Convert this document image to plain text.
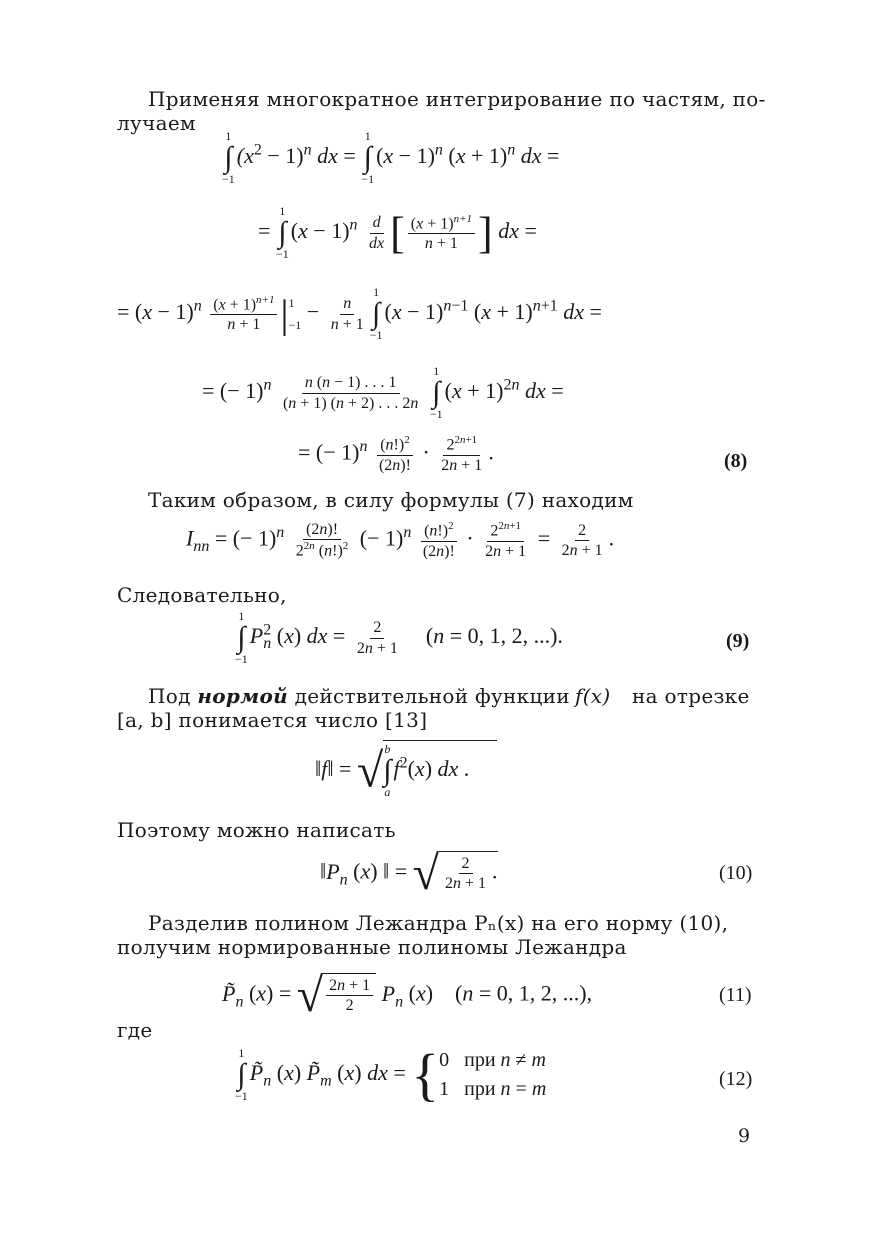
Применяя многократное интегрирование по частям, по-
лучаем
1
∫
−1
$(x^2 - 1)^n$ dx =
1
∫
−1
$(x - 1)^n$ $(x + 1)^n$ dx =
=
1
∫
−1
$(x - 1)^n \frac{d}{dx}$ [ $\frac{(x + 1)^{n+1}}{n + 1}$ ] dx =
= $(x - 1)^n \frac{(x + 1)^{n+1}}{n + 1}$ | 1
−1
− $\frac{n}{n + 1}$
1
∫
−1
$(x - 1)^{n-1}$ $(x + 1)^{n+1}$ dx =
= (− $1)^n \frac{n (n - 1) . . . 1}{(n + 1) (n + 2) . . . 2n}$

1
∫
−1
$(x + 1)^{2n}$ dx =
= (− $1)^n \frac{(n!)^2}{(2n)!} \cdot \frac{2^{2n+1}}{2n + 1}$ .	(8)
Таким образом, в силу формулы (7) находим
$I_{nn}$ = (− $1)^n \frac{(2n)!}{2^{2n} (n!)^2}$ (− $1)^n \frac{(n!)^2}{(2n)!} \cdot \frac{2^{2n+1}}{2n + 1} = \frac{2}{2n + 1}$ .
Следовательно,
1
∫
−1
$P^2_n$ (x) dx = $\frac{2}{2n + 1} (n = 0$, 1, 2, ...).	(9)
Под нормой действительной функции f(x) на отрезке
[a, b] понимается число [13]
‖f‖ = √ b
∫
a
$f^2(x)$ dx .
Поэтому можно написать
$‖P_n$ (x) ‖ = √ $\frac{2}{2n + 1}$ .	(10)
Разделив полином Лежандра Pₙ(x) на его норму (10),
получим нормированные полиномы Лежандра
$P̃_n$ (x) = √ $\frac{2n + 1}{2} P_n$ (x)    (n = 0, 1, 2, ...),	(11)
где
1
∫
−1
$P̃_n$ (x) $P̃_m$ (x) dx = { 0   при n ≠ m
1   при n = m	(12)
9
